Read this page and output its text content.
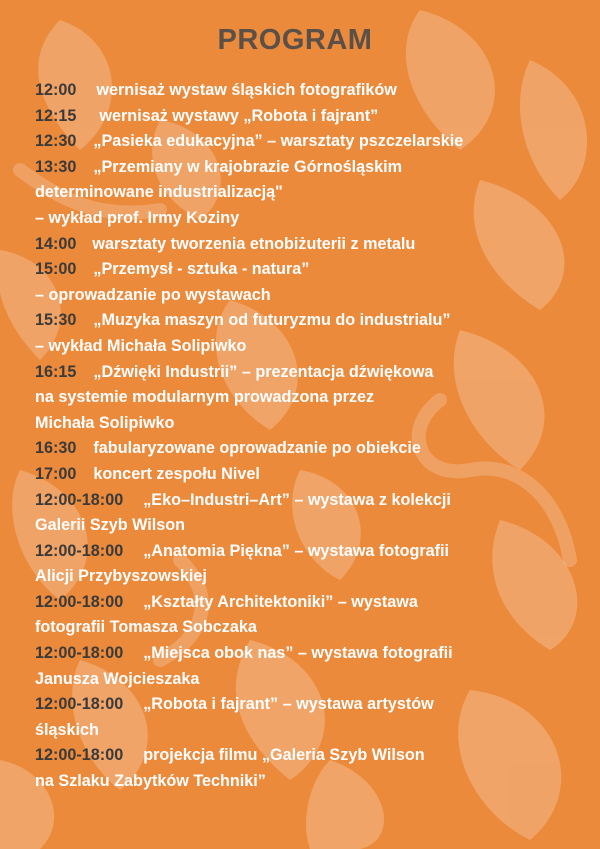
PROGRAM
12:00 wernisaż wystaw śląskich fotografików
12:15 wernisaż wystawy „Robota i fajrant”
12:30 „Pasieka edukacyjna” – warsztaty pszczelarskie
13:30 „Przemiany w krajobrazie Górnośląskim
determinowane industrializacją"
– wykład prof. Irmy Koziny
14:00 warsztaty tworzenia etnobiżuterii z metalu
15:00 „Przemysł - sztuka - natura”
– oprowadzanie po wystawach
15:30 „Muzyka maszyn od futuryzmu do industrialu”
– wykład Michała Solipiwko
16:15 „Dźwięki Industrii” – prezentacja dźwiękowa
na systemie modularnym prowadzona przez
Michała Solipiwko
16:30 fabularyzowane oprowadzanie po obiekcie
17:00 koncert zespołu Nivel
12:00-18:00 „Eko–Industri–Art” – wystawa z kolekcji
Galerii Szyb Wilson
12:00-18:00 „Anatomia Piękna” – wystawa fotografii
Alicji Przybyszowskiej
12:00-18:00 „Kształty Architektoniki” – wystawa
fotografii Tomasza Sobczaka
12:00-18:00 „Miejsca obok nas” – wystawa fotografii
Janusza Wojcieszaka
12:00-18:00 „Robota i fajrant” – wystawa artystów
śląskich
12:00-18:00 projekcja filmu „Galeria Szyb Wilson
na Szlaku Zabytków Techniki”
